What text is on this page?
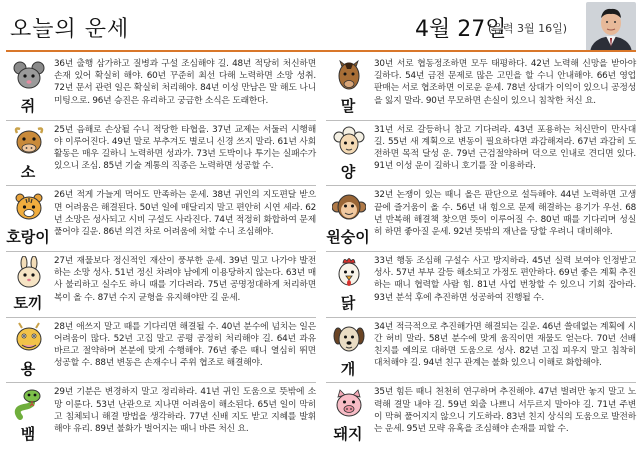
오늘의 운세	4월 27일
(음력 3월 16일)
쥐
36년 출행 삼가하고 질병과 구설 조심해야 길. 48년 적당히 처신하면 손재 있어 확실히 해야. 60년 꾸준히 최선 다해 노력하면 소망 성취. 72년 문서 관련 일은 확실히 처리해야. 84년 이성 만남은 말 해도 나니 미팅으로. 96년 승진은 유리하고 궁금한 소식은 도래한다.
소
25년 음해로 손상될 수니 적당한 타협을. 37년 교제는 서둘러 시행해야 이루어진다. 49년 말로 부추겨도 별로니 신경 쓰지 말라. 61년 사회 활동은 매우 길하니 노력하면 성과가. 73년 도박이나 투기는 실패수가 있으니 조심. 85년 기술 계통의 직종은 노력하면 성공할 수.
호랑이
26년 적게 가늘게 먹어도 만족하는 운세. 38년 귀인의 지도편달 받으면 어려움은 해결된다. 50년 일에 매달리지 말고 편안히 시연 세라. 62년 소망은 성사되고 시비 구설도 사라진다. 74년 적정히 화합하여 문제 풀어야 길운. 86년 의견 차로 어려움에 처할 수니 조심해야.
토끼
27년 재물보다 정신적인 재산이 풍부한 운세. 39년 밀고 나가야 발전하는 소망 성사. 51년 정신 차려야 남에게 이용당하지 않는다. 63년 매사 불리하고 실수도 하니 때를 기다려라. 75년 공명정대하게 처리하면 복이 올 수. 87년 수지 균형을 유지해야만 길 운세.
용
28년 애쓰지 말고 때를 기다리면 해결될 수. 40년 분수에 넘치는 일은 어려움이 많다. 52년 고집 말고 공평 공정히 처리해야 길. 64년 과유 바르고 절약하며 본분에 맞게 수행해야. 76년 좋은 때니 열심히 뛰면 성공할 수. 88년 변동은 손재수니 주위 협조로 해결해야.
뱀
29년 기분은 변경하지 말고 정리하라. 41년 귀인 도움으로 뜻밖에 소망 이룬다. 53년 난관으로 지나면 어려움이 해소된다. 65년 일이 막히고 침체되니 해결 방법을 생각하라. 77년 신배 지도 받고 지혜를 발휘해야 유리. 89년 불화가 벌어지는 때니 바른 처신 요.
말
30년 서로 협동정조하면 모두 태평하다. 42년 노력해 신망을 받아야 길하다. 54년 금전 문제로 많은 고민을 할 수니 안내해야. 66년 영업 판매는 서로 협조하면 이로운 운세. 78년 상대가 이익이 있으니 공정성을 잃지 말라. 90년 무모하면 손실이 있으니 침착한 처신 요.
양
31년 서로 갈등하니 참고 기다려라. 43년 포용하는 처신만이 만사대길. 55년 새 계획으로 변동이 필요하다면 과감해져라. 67년 과감히 도전하면 목적 달성 운. 79년 근검절약하며 덕으로 인내로 견디면 있다. 91년 이성 운이 길하니 호기를 잘 이용하라.
원숭이
32년 논쟁이 있는 때니 올은 판단으로 설득해야. 44년 노력하면 고생 끝에 즐거움이 올 수. 56년 내 힘으로 문제 해결하는 용기가 우선. 68년 반복해 해결책 찾으면 뜻이 이루어질 수. 80년 때를 기다리며 성실히 하면 좋아질 운세. 92년 뜻밖의 재난을 당할 우려니 대비해야.
닭
33년 행동 조심해 구설수 사고 방지하라. 45년 실력 보여야 인정받고 성사. 57년 부부 갈등 해소되고 가정도 편안하다. 69년 좋은 계획 추진하는 때니 협력할 사람 힘. 81년 사업 번창할 수 있으니 기회 잡아라. 93년 분석 후에 추진하면 성공하여 진행될 수.
개
34년 적극적으로 추진해가면 해결되는 길운. 46년 쓸데없는 계획에 시간 허비 말라. 58년 분수에 맞게 움직이면 재물도 얻는다. 70년 선배 친지를 예의로 대하면 도움으로 성사. 82년 고집 피우지 말고 침착히 대처해야 길. 94년 친구 관계는 불화 있으니 이해로 화합해야.
돼지
35년 힘든 때니 천천히 연구하며 추진해야. 47년 벌려만 놓지 말고 노력해 결말 내야 길. 59년 외출 나쁘니 서두르지 말아야 길. 71년 주변이 막혀 풀어지지 않으니 기도하라. 83년 친지 상식의 도움으로 발전하는 운세. 95년 모략 유혹을 조심해야 손재를 피할 수.
